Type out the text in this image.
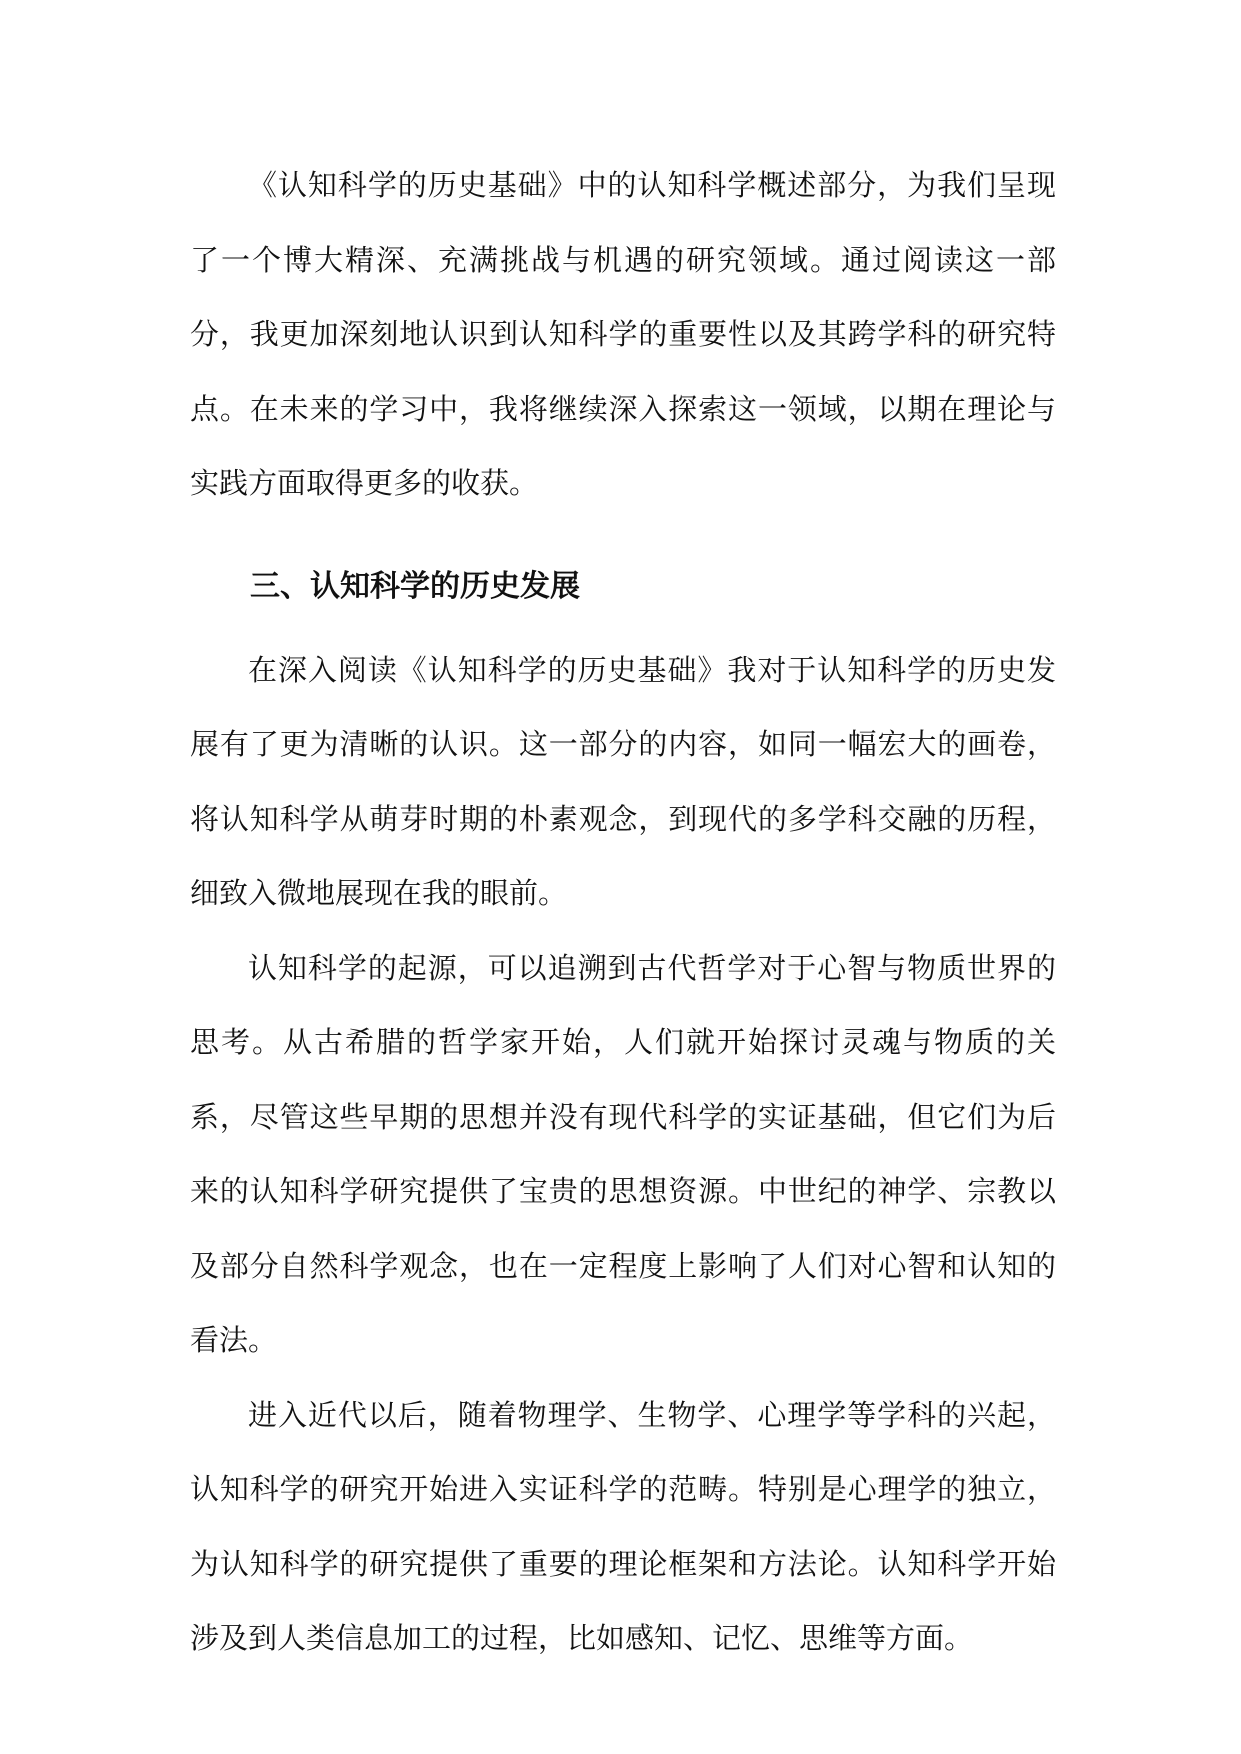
《认知科学的历史基础》中的认知科学概述部分，为我们呈现了一个博大精深、充满挑战与机遇的研究领域。通过阅读这一部分，我更加深刻地认识到认知科学的重要性以及其跨学科的研究特点。在未来的学习中，我将继续深入探索这一领域，以期在理论与实践方面取得更多的收获。

三、认知科学的历史发展

在深入阅读《认知科学的历史基础》我对于认知科学的历史发展有了更为清晰的认识。这一部分的内容，如同一幅宏大的画卷，将认知科学从萌芽时期的朴素观念，到现代的多学科交融的历程，细致入微地展现在我的眼前。

认知科学的起源，可以追溯到古代哲学对于心智与物质世界的思考。从古希腊的哲学家开始，人们就开始探讨灵魂与物质的关系，尽管这些早期的思想并没有现代科学的实证基础，但它们为后来的认知科学研究提供了宝贵的思想资源。中世纪的神学、宗教以及部分自然科学观念，也在一定程度上影响了人们对心智和认知的看法。

进入近代以后，随着物理学、生物学、心理学等学科的兴起，认知科学的研究开始进入实证科学的范畴。特别是心理学的独立，为认知科学的研究提供了重要的理论框架和方法论。认知科学开始涉及到人类信息加工的过程，比如感知、记忆、思维等方面。
